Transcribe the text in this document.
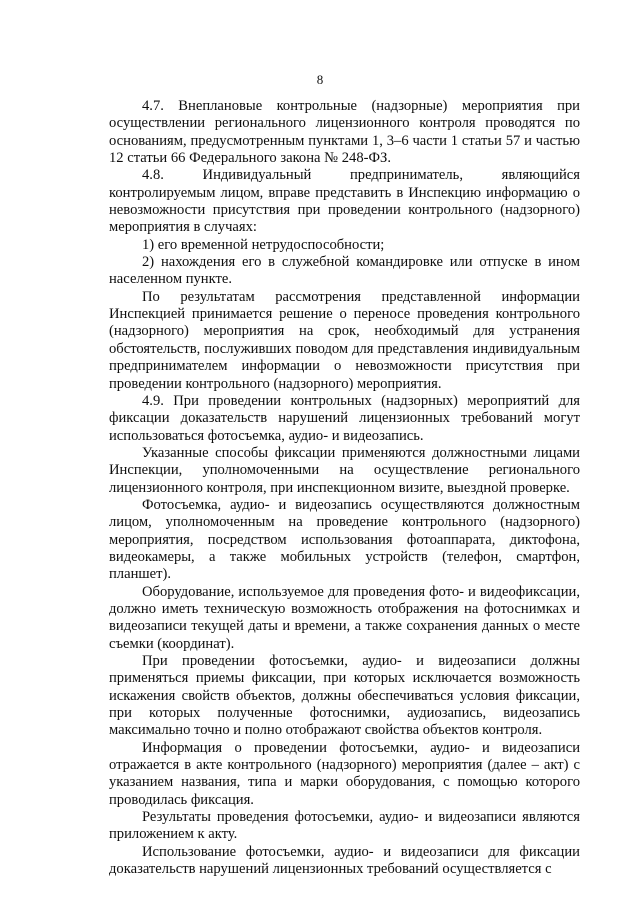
8

4.7. Внеплановые контрольные (надзорные) мероприятия при осуществлении регионального лицензионного контроля проводятся по основаниям, предусмотренным пунктами 1, 3–6 части 1 статьи 57 и частью 12 статьи 66 Федерального закона № 248-ФЗ.

4.8. Индивидуальный предприниматель, являющийся контролируемым лицом, вправе представить в Инспекцию информацию о невозможности присутствия при проведении контрольного (надзорного) мероприятия в случаях:

1) его временной нетрудоспособности;

2) нахождения его в служебной командировке или отпуске в ином населенном пункте.

По результатам рассмотрения представленной информации Инспекцией принимается решение о переносе проведения контрольного (надзорного) мероприятия на срок, необходимый для устранения обстоятельств, послуживших поводом для представления индивидуальным предпринимателем информации о невозможности присутствия при проведении контрольного (надзорного) мероприятия.

4.9. При проведении контрольных (надзорных) мероприятий для фиксации доказательств нарушений лицензионных требований могут использоваться фотосъемка, аудио- и видеозапись.

Указанные способы фиксации применяются должностными лицами Инспекции, уполномоченными на осуществление регионального лицензионного контроля, при инспекционном визите, выездной проверке.

Фотосъемка, аудио- и видеозапись осуществляются должностным лицом, уполномоченным на проведение контрольного (надзорного) мероприятия, посредством использования фотоаппарата, диктофона, видеокамеры, а также мобильных устройств (телефон, смартфон, планшет).

Оборудование, используемое для проведения фото- и видеофиксации, должно иметь техническую возможность отображения на фотоснимках и видеозаписи текущей даты и времени, а также сохранения данных о месте съемки (координат).

При проведении фотосъемки, аудио- и видеозаписи должны применяться приемы фиксации, при которых исключается возможность искажения свойств объектов, должны обеспечиваться условия фиксации, при которых полученные фотоснимки, аудиозапись, видеозапись максимально точно и полно отображают свойства объектов контроля.

Информация о проведении фотосъемки, аудио- и видеозаписи отражается в акте контрольного (надзорного) мероприятия (далее – акт) с указанием названия, типа и марки оборудования, с помощью которого проводилась фиксация.

Результаты проведения фотосъемки, аудио- и видеозаписи являются приложением к акту.

Использование фотосъемки, аудио- и видеозаписи для фиксации доказательств нарушений лицензионных требований осуществляется с
